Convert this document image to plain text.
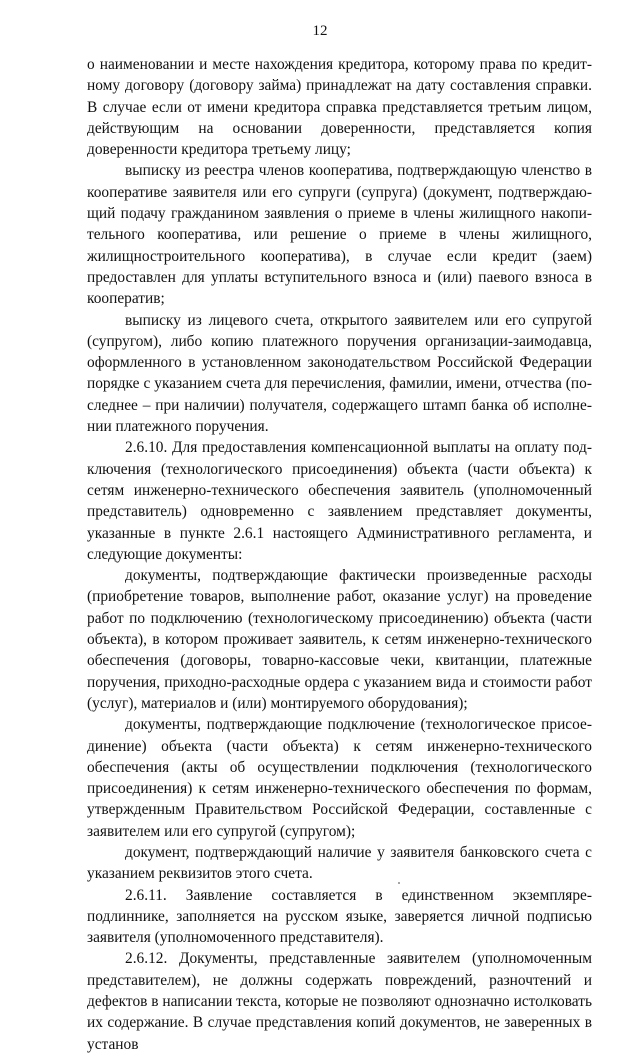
12

о наименовании и месте нахождения кредитора, которому права по кредитному договору (договору займа) принадлежат на дату составления справки. В случае если от имени кредитора справка представляется третьим лицом, действующим на основании доверенности, представляется копия доверенности кредитора третьему лицу;

выписку из реестра членов кооператива, подтверждающую членство в кооперативе заявителя или его супруги (супруга) (документ, подтверждающий подачу гражданином заявления о приеме в члены жилищного накопительного кооператива, или решение о приеме в члены жилищного, жилищностроительного кооператива), в случае если кредит (заем) предоставлен для уплаты вступительного взноса и (или) паевого взноса в кооператив;

выписку из лицевого счета, открытого заявителем или его супругой (супругом), либо копию платежного поручения организации-заимодавца, оформленного в установленном законодательством Российской Федерации порядке с указанием счета для перечисления, фамилии, имени, отчества (последнее – при наличии) получателя, содержащего штамп банка об исполнении платежного поручения.

2.6.10. Для предоставления компенсационной выплаты на оплату подключения (технологического присоединения) объекта (части объекта) к сетям инженерно-технического обеспечения заявитель (уполномоченный представитель) одновременно с заявлением представляет документы, указанные в пункте 2.6.1 настоящего Административного регламента, и следующие документы:

документы, подтверждающие фактически произведенные расходы (приобретение товаров, выполнение работ, оказание услуг) на проведение работ по подключению (технологическому присоединению) объекта (части объекта), в котором проживает заявитель, к сетям инженерно-технического обеспечения (договоры, товарно-кассовые чеки, квитанции, платежные поручения, приходно-расходные ордера с указанием вида и стоимости работ (услуг), материалов и (или) монтируемого оборудования);

документы, подтверждающие подключение (технологическое присоединение) объекта (части объекта) к сетям инженерно-технического обеспечения (акты об осуществлении подключения (технологического присоединения) к сетям инженерно-технического обеспечения по формам, утвержденным Правительством Российской Федерации, составленные с заявителем или его супругой (супругом);

документ, подтверждающий наличие у заявителя банковского счета с указанием реквизитов этого счета.

2.6.11. Заявление составляется в единственном экземпляре-подлиннике, заполняется на русском языке, заверяется личной подписью заявителя (уполномоченного представителя).

2.6.12. Документы, представленные заявителем (уполномоченным представителем), не должны содержать повреждений, разночтений и дефектов в написании текста, которые не позволяют однозначно истолковать их содержание. В случае представления копий документов, не заверенных в установ
